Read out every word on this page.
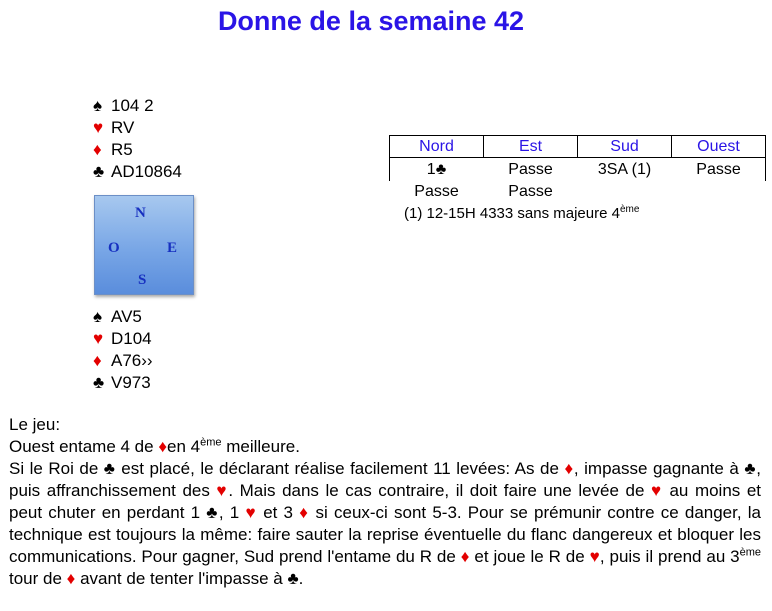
Donne de la semaine 42
♠ 104 2
♥ RV
♦ R5
♣ AD10864
N
O	E
S
♠ AV5
♥ D104
♦ A76››
♣ V973
Nord	Est	Sud	Ouest
1♣	Passe	3SA (1)	Passe
Passe	Passe		
(1) 12-15H 4333 sans majeure 4ème

Le jeu:

Ouest entame 4 de ♦en 4ème meilleure.

Si le Roi de ♣ est placé, le déclarant réalise facilement 11 levées: As de ♦, impasse gagnante à ♣, puis affranchissement des ♥. Mais dans le cas contraire, il doit faire une levée de ♥ au moins et peut chuter en perdant 1 ♣, 1 ♥ et 3 ♦ si ceux-ci sont 5-3. Pour se prémunir contre ce danger, la technique est toujours la même: faire sauter la reprise éventuelle du flanc dangereux et bloquer les communications. Pour gagner, Sud prend l'entame du R de ♦ et joue le R de ♥, puis il prend au 3ème tour de ♦ avant de tenter l'impasse à ♣.
